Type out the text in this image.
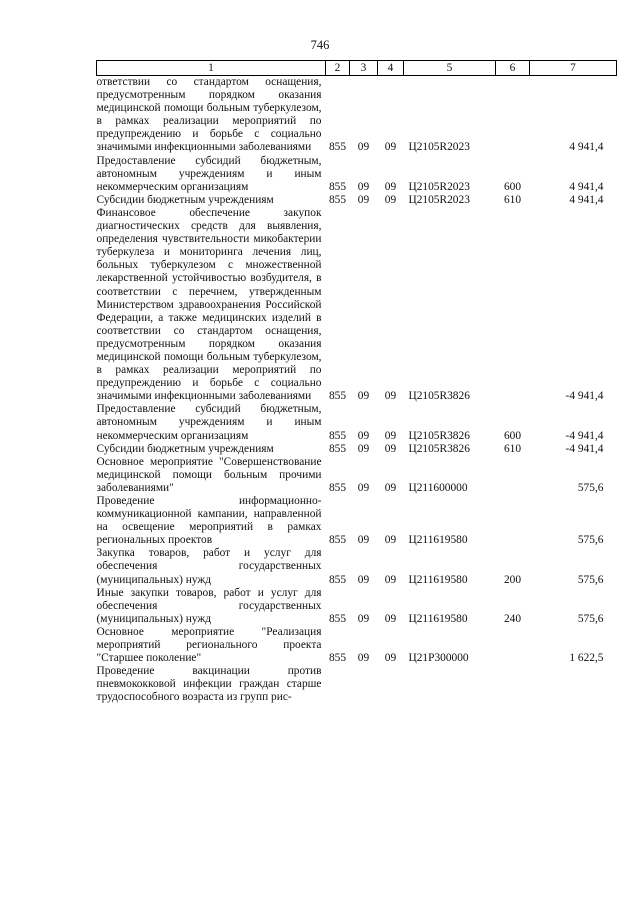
746
1	2	3	4	5	6	7
ответствии со стандартом оснащения, предусмотренным порядком оказания медицинской помощи больным туберкулезом, в рамках реализации мероприятий по предупреждению и борьбе с социально значимыми инфекционными заболеваниями	855	09	09	Ц2105R2023		4 941,4
Предоставление субсидий бюджетным, автономным учреждениям и иным некоммерческим организациям	855	09	09	Ц2105R2023	600	4 941,4
Субсидии бюджетным учреждениям	855	09	09	Ц2105R2023	610	4 941,4
Финансовое обеспечение закупок диагностических средств для выявления, определения чувствительности микобактерии туберкулеза и мониторинга лечения лиц, больных туберкулезом с множественной лекарственной устойчивостью возбудителя, в соответствии с перечнем, утвержденным Министерством здравоохранения Российской Федерации, а также медицинских изделий в соответствии со стандартом оснащения, предусмотренным порядком оказания медицинской помощи больным туберкулезом, в рамках реализации мероприятий по предупреждению и борьбе с социально значимыми инфекционными заболеваниями	855	09	09	Ц2105R3826		-4 941,4
Предоставление субсидий бюджетным, автономным учреждениям и иным некоммерческим организациям	855	09	09	Ц2105R3826	600	-4 941,4
Субсидии бюджетным учреждениям	855	09	09	Ц2105R3826	610	-4 941,4
Основное мероприятие "Совершенствование медицинской помощи больным прочими заболеваниями"	855	09	09	Ц211600000		575,6
Проведение информационно-коммуникационной кампании, направленной на освещение мероприятий в рамках региональных проектов	855	09	09	Ц211619580		575,6
Закупка товаров, работ и услуг для обеспечения государственных (муниципальных) нужд	855	09	09	Ц211619580	200	575,6
Иные закупки товаров, работ и услуг для обеспечения государственных (муниципальных) нужд	855	09	09	Ц211619580	240	575,6
Основное мероприятие "Реализация мероприятий регионального проекта "Старшее поколение"	855	09	09	Ц21P300000		1 622,5
Проведение вакцинации против пневмококковой инфекции граждан старше трудоспособного возраста из групп рис-						
